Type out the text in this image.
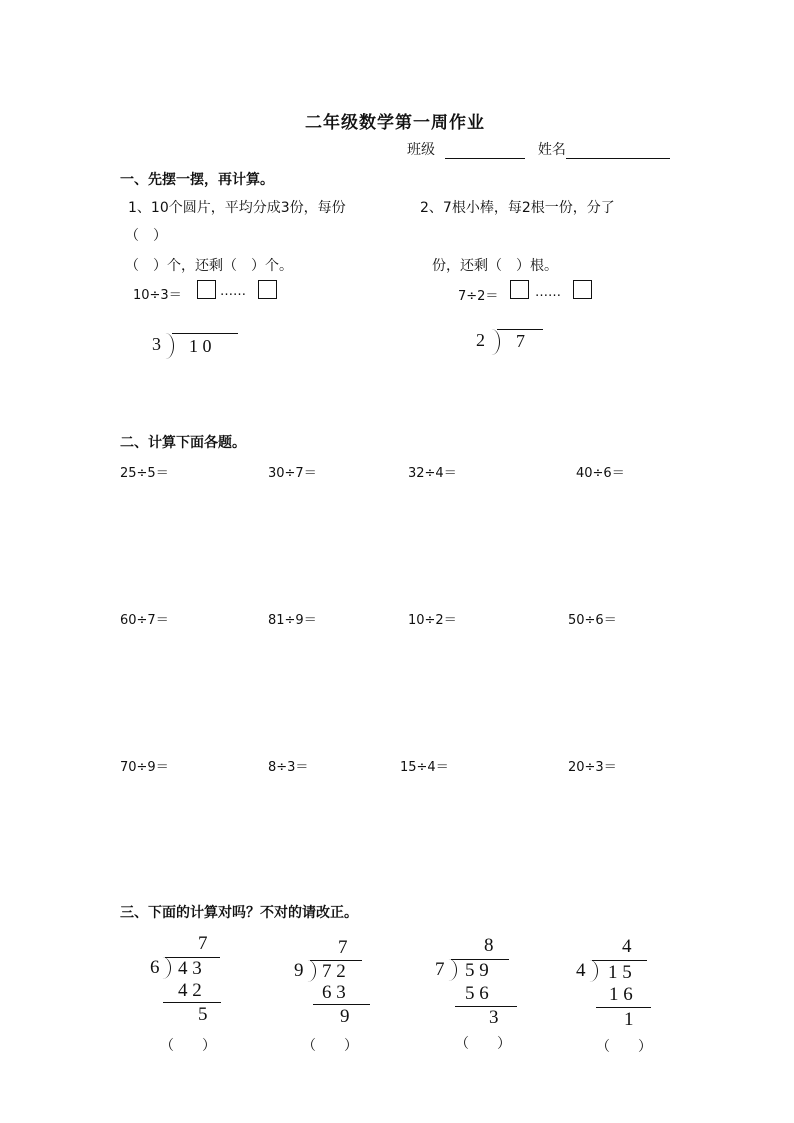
二年级数学第一周作业
班级	姓名
一、先摆一摆，再计算。
1、10个圆片，平均分成3份，每份
（　）
（　）个，还剩（　）个。
2、7根小棒，每2根一份，分了
份，还剩（　）根。
10÷3＝	……	7÷2＝	……
3 1 0	2 7
二、计算下面各题。
25÷5＝	30÷7＝	32÷4＝	40÷6＝
60÷7＝	81÷9＝	10÷2＝	50÷6＝
70÷9＝	8÷3＝	15÷4＝	20÷3＝
三、下面的计算对吗？不对的请改正。
7
6 4 3
4 2
5
（　　）
7
9 7 2
6 3
9
（　　）
8
7 5 9
5 6
3
（　　）
4
4 1 5
1 6
1
（　　）
